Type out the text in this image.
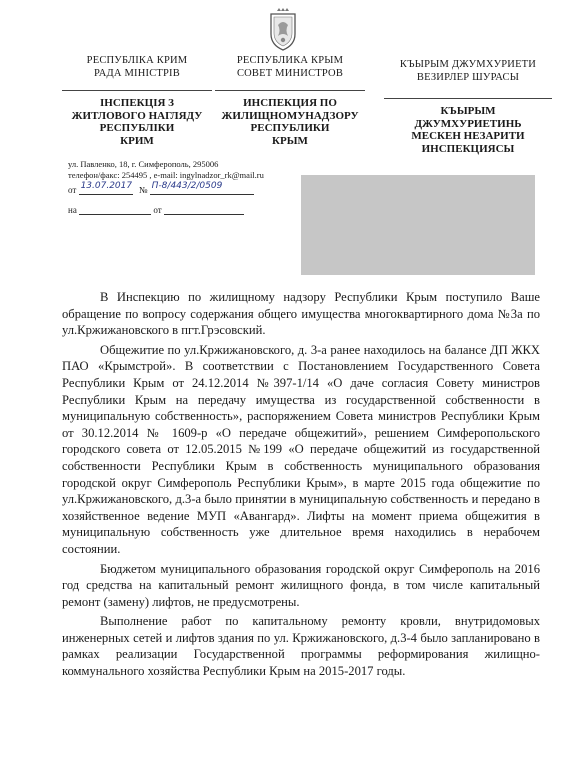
РЕСПУБЛІКА КРИМ
РАДА МІНІСТРІВ
ІНСПЕКЦІЯ З
ЖИТЛОВОГО НАГЛЯДУ
РЕСПУБЛІКИ
КРИМ
РЕСПУБЛИКА КРЫМ
СОВЕТ МИНИСТРОВ
ИНСПЕКЦИЯ ПО
ЖИЛИЩНОМУНАДЗОРУ
РЕСПУБЛИКИ
КРЫМ
КЪЫРЫМ ДЖУМХУРИЕТИ
ВЕЗИРЛЕР ШУРАСЫ
КЪЫРЫМ
ДЖУМХУРИЕТИНЬ
МЕСКЕН НЕЗАРИТИ
ИНСПЕКЦИЯСЫ
ул. Павленко, 18, г. Симферополь, 295006
телефон/факс: 254495 , e-mail: ingylnadzor_rk@mail.ru
от 13.07.2017 № П-8/443/2/0509
на	от

В Инспекцию по жилищному надзору Республики Крым поступило Ваше обращение по вопросу содержания общего имущества многоквартирного дома №3а по ул.Кржижановского в пгт.Грэсовский.

Общежитие по ул.Кржижановского, д. 3-а ранее находилось на балансе ДП ЖКХ ПАО «Крымстрой». В соответствии с Постановлением Государственного Совета Республики Крым от 24.12.2014 №397-1/14 «О даче согласия Совету министров Республики Крым на передачу имущества из государственной собственности в муниципальную собственность», распоряжением Совета министров Республики Крым от 30.12.2014 № 1609-р «О передаче общежитий», решением Симферопольского городского совета от 12.05.2015 №199 «О передаче общежитий из государственной собственности Республики Крым в собственность муниципального образования городской округ Симферополь Республики Крым», в марте 2015 года общежитие по ул.Кржижановского, д.3-а было принятии в муниципальную собственность и передано в хозяйственное ведение МУП «Авангард». Лифты на момент приема общежития в муниципальную собственность уже длительное время находились в нерабочем состоянии.

Бюджетом муниципального образования городской округ Симферополь на 2016 год средства на капитальный ремонт жилищного фонда, в том числе капитальный ремонт (замену) лифтов, не предусмотрены.

Выполнение работ по капитальному ремонту кровли, внутридомовых инженерных сетей и лифтов здания по ул. Кржижановского, д.3-4 было запланировано в рамках реализации Государственной программы реформирования жилищно-коммунального хозяйства Республики Крым на 2015-2017 годы.
